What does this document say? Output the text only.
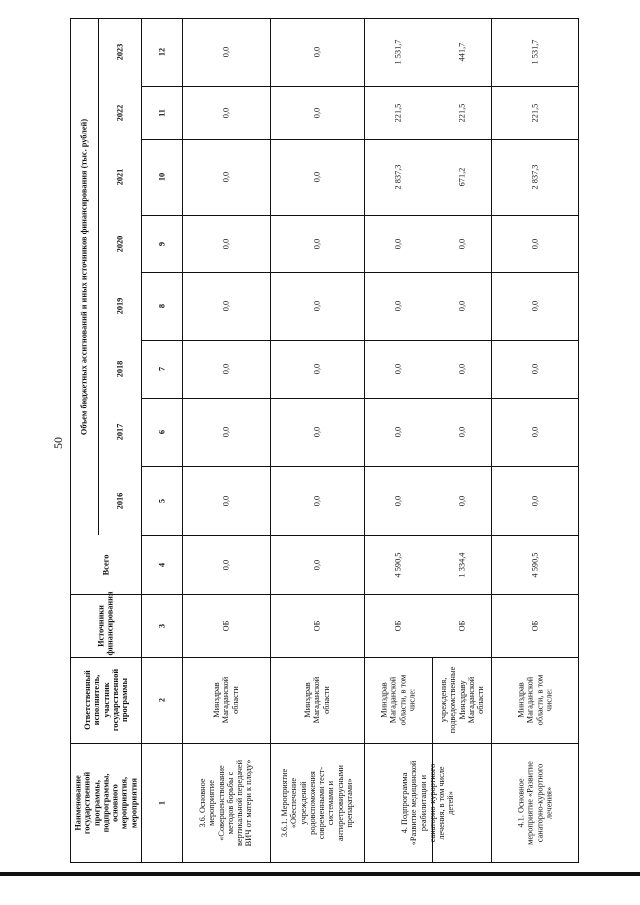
50
Объем бюджетных ассигнований и иных источников финансирования (тыс. рублей)
2016
2017
2018
2019
2020
2021
2022
2023
Всего
Источники
финансирования
Ответственный
исполнитель,
участник
государственной
программы
Наименование
государственной
программы,
подпрограммы,
основного
мероприятия,
мероприятия 1
2
3
4
5
6
7
8
9
10
11
12
3.6. Основное
мероприятие
«Совершенствование
методов борьбы с
вертикальной передачей
ВИЧ от матери к плоду»
Минздрав
Магаданской
области
ОБ
0,0
0,0
0,0
0,0
0,0
0,0
0,0
0,0
0,0
3.6.1. Мероприятие
«Обеспечение
учреждений
родовспоможения
современными тест-
системами и
антиретровирусными
препаратами»
Минздрав
Магаданской
области
ОБ
0,0
0,0
0,0
0,0
0,0
0,0
0,0
0,0
0,0
4. Подпрограмма
«Развитие медицинской
реабилитации и
санаторно-курортного
лечения, в том числе
детей»
Минздрав
Магаданской
области, в том
числе:
ОБ
4 590,5
0,0
0,0
0,0
0,0
0,0
2 837,3
221,5
1 531,7
учреждения,
подведомственные
Минздраву
Магаданской
области
ОБ
1 334,4
0,0
0,0
0,0
0,0
0,0
671,2
221,5
441,7
4.1. Основное
мероприятие «Развитие
санаторно-курортного
лечения»
Минздрав
Магаданской
области, в том
числе:
ОБ
4 590,5
0,0
0,0
0,0
0,0
0,0
2 837,3
221,5
1 531,7
